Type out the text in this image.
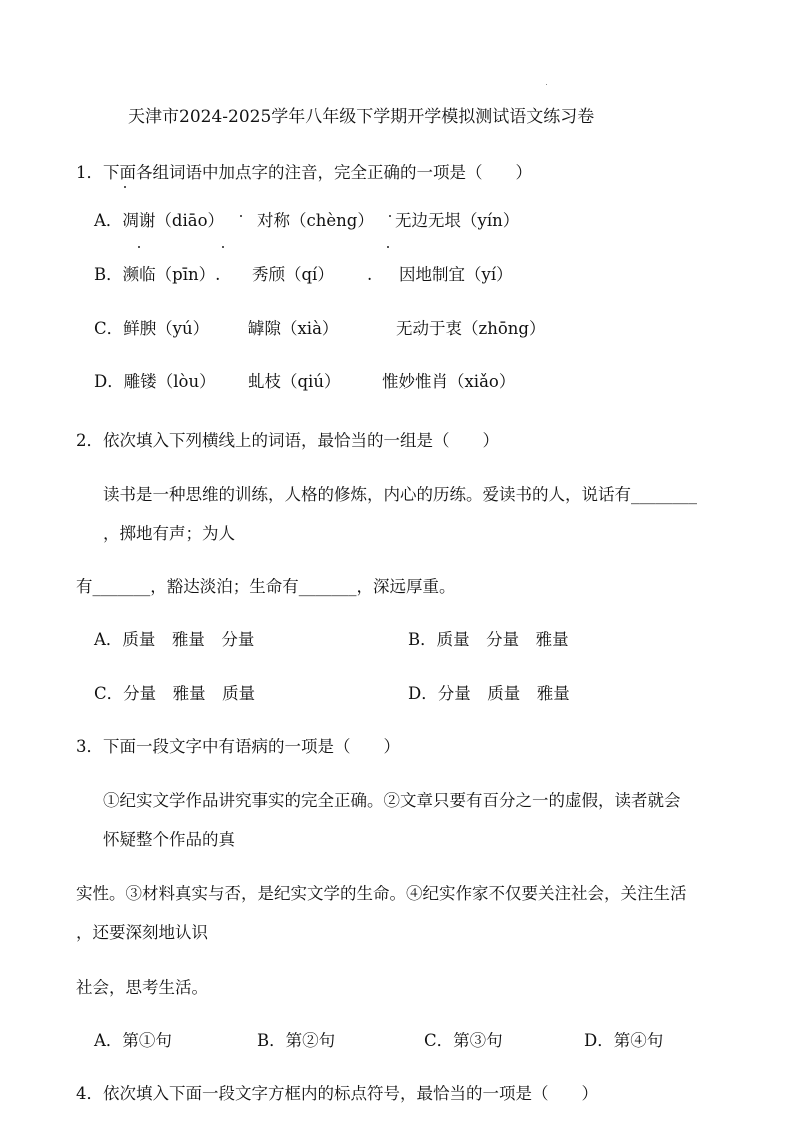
天津市2024-2025学年八年级下学期开学模拟测试语文练习卷
1．下面各组词语中加点字的注音，完全正确的一项是（　　）
A．凋谢（diāo） 对称（chèng） 无边无垠（yín）
B．濒临（pīn）. 秀颀（qí） . 因地制宜（yí）
C．鲜腴（yú） 罅隙（xià）	无动于衷（zhōng）
D．雕镂（lòu） 虬枝（qiú）	惟妙惟肖（xiǎo）
2．依次填入下列横线上的词语，最恰当的一组是（　　）
读书是一种思维的训练，人格的修炼，内心的历练。爱读书的人，说话有________
，掷地有声；为人
有_______，豁达淡泊；生命有_______，深远厚重。
A．质量　雅量　分量	B．质量　分量　雅量
C．分量　雅量　质量	D．分量　质量　雅量
3．下面一段文字中有语病的一项是（　　）
①纪实文学作品讲究事实的完全正确。②文章只要有百分之一的虚假，读者就会
怀疑整个作品的真
实性。③材料真实与否，是纪实文学的生命。④纪实作家不仅要关注社会，关注生活
，还要深刻地认识
社会，思考生活。
A．第①句	B．第②句	C．第③句	D．第④句
4．依次填入下面一段文字方框内的标点符号，最恰当的一项是（　　）
